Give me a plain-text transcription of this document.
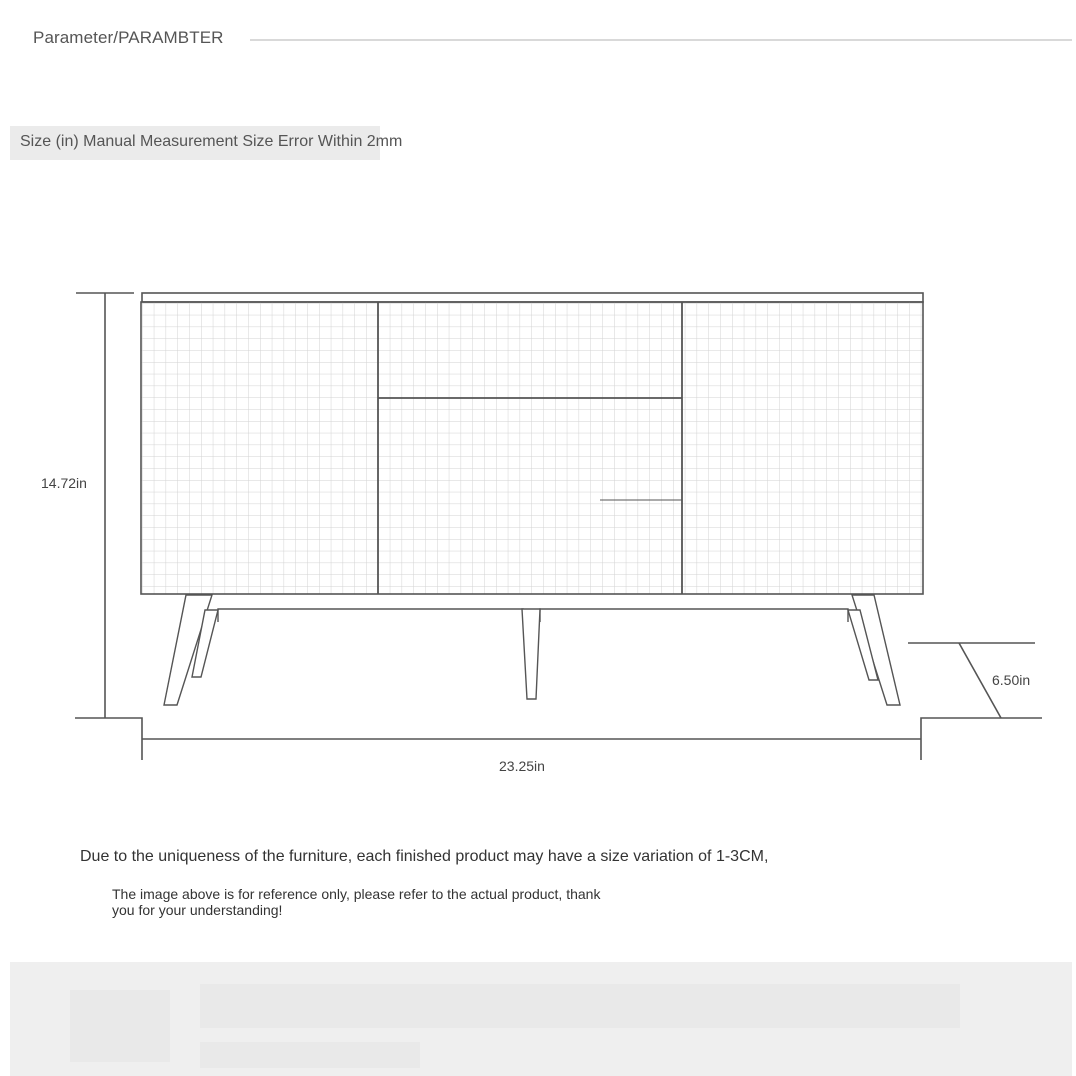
Parameter/PARAMBTER
Size (in) Manual Measurement Size Error Within 2mm
14.72in
23.25in
6.50in
Due to the uniqueness of the furniture, each finished product may have a size variation of 1-3CM,
The image above is for reference only, please refer to the actual product, thank you for your understanding!
